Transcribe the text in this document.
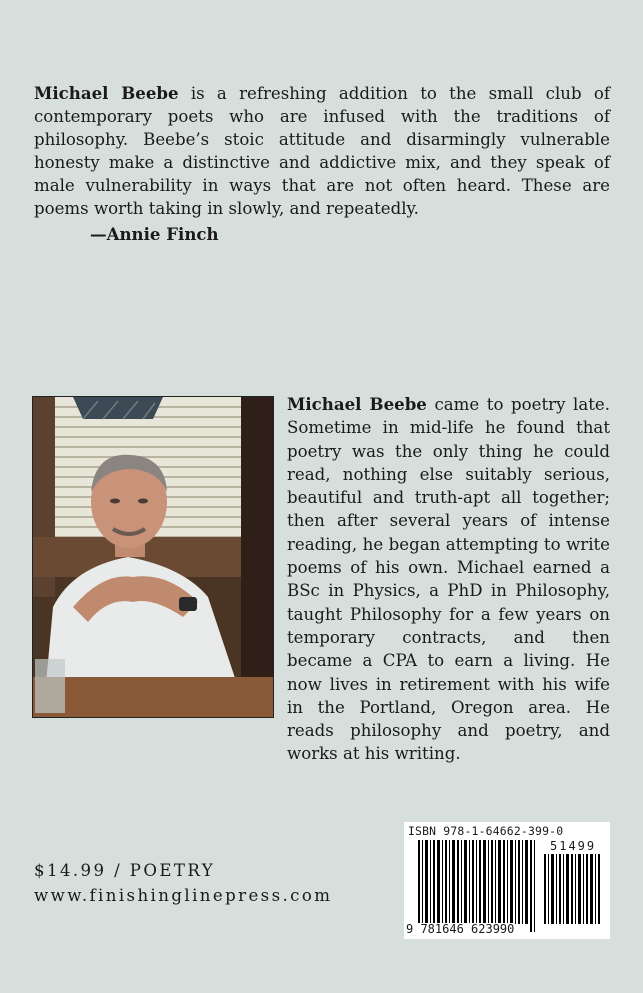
Michael Beebe is a refreshing addition to the small club of contemporary poets who are infused with the traditions of philosophy. Beebe’s stoic attitude and disarmingly vulnerable honesty make a distinctive and addictive mix, and they speak of male vulnerability in ways that are not often heard. These are poems worth taking in slowly, and repeatedly.
—Annie Finch
Michael Beebe came to poetry late. Sometime in mid-life he found that poetry was the only thing he could read, nothing else suitably serious, beautiful and truth-apt all together; then after several years of intense reading, he began attempting to write poems of his own. Michael earned a BSc in Physics, a PhD in Philosophy, taught Philosophy for a few years on temporary contracts, and then became a CPA to earn a living. He now lives in retirement with his wife in the Portland, Oregon area. He reads philosophy and poetry, and works at his writing.
$14.99 / POETRY
www.finishinglinepress.com
ISBN 978-1-64662-399-0
51499
9 781646 623990
